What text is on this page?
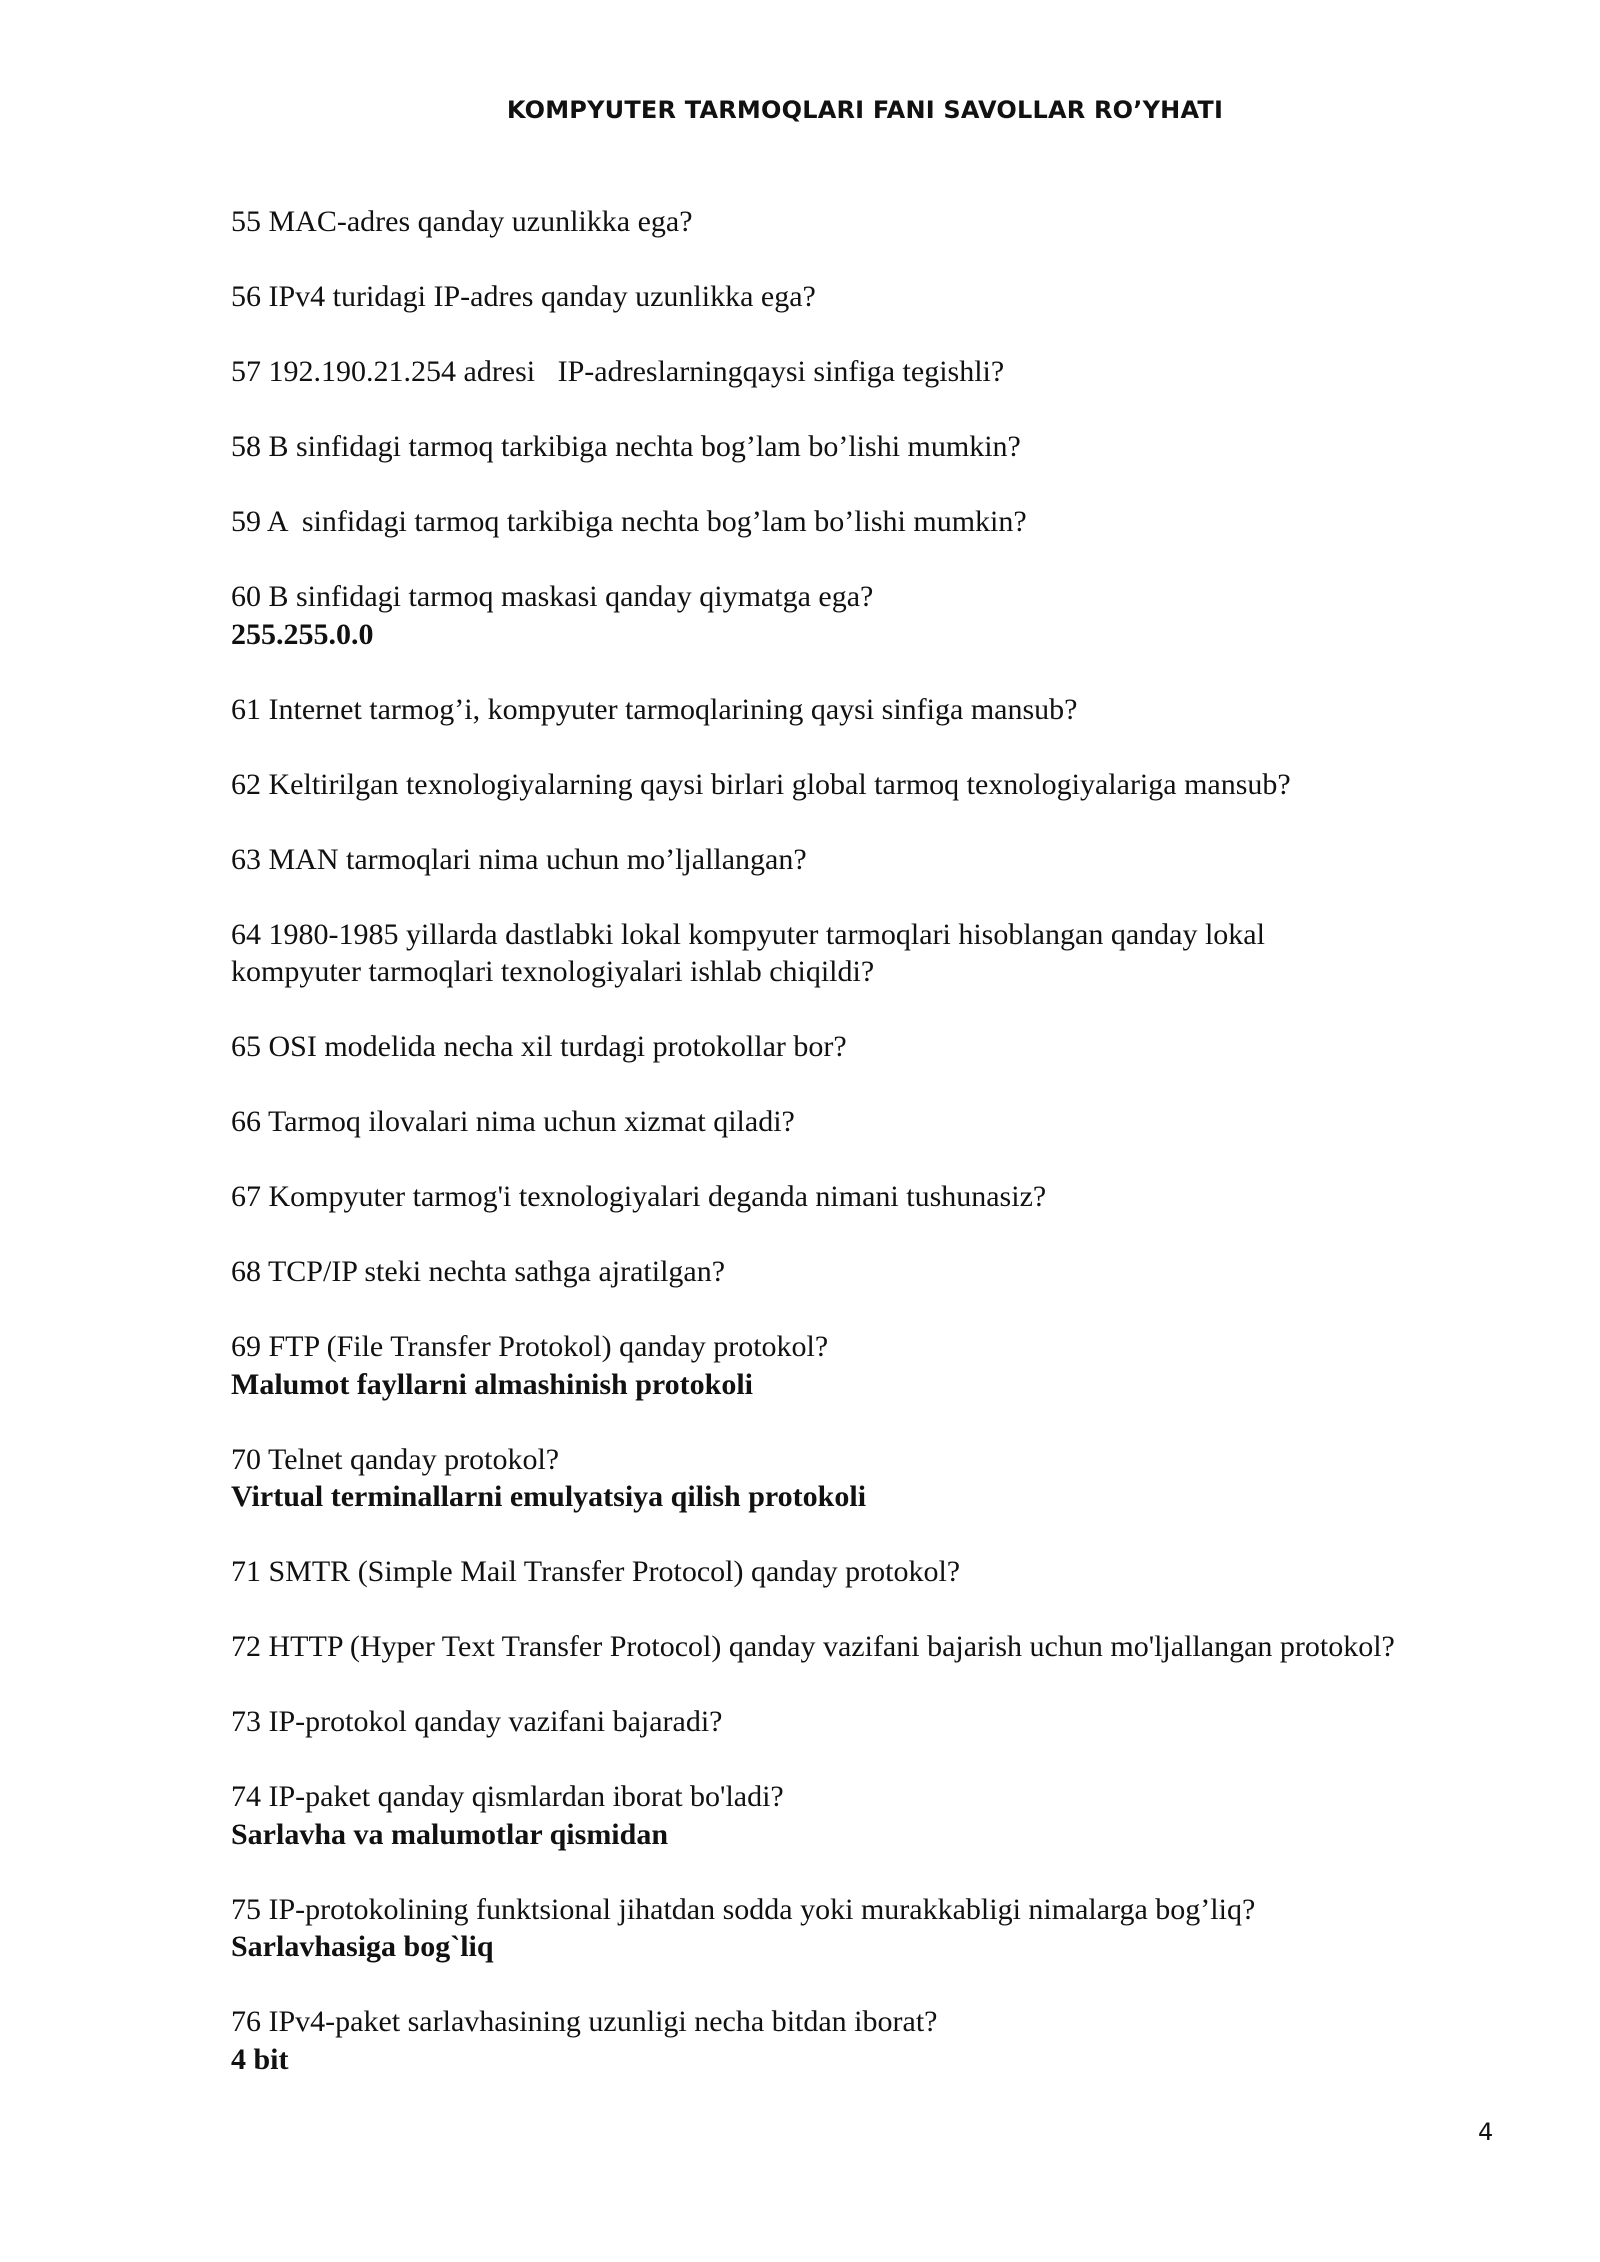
KOMPYUTER TARMOQLARI FANI SAVOLLAR RO’YHATI
55 MAC-adres qanday uzunlikka ega?
56 IPv4 turidagi IP-adres qanday uzunlikka ega?
57 192.190.21.254 adresi   IP-adreslarningqaysi sinfiga tegishli?
58 B sinfidagi tarmoq tarkibiga nechta bog’lam bo’lishi mumkin?
59 A  sinfidagi tarmoq tarkibiga nechta bog’lam bo’lishi mumkin?
60 B sinfidagi tarmoq maskasi qanday qiymatga ega?
255.255.0.0
61 Internet tarmog’i, kompyuter tarmoqlarining qaysi sinfiga mansub?
62 Keltirilgan texnologiyalarning qaysi birlari global tarmoq texnologiyalariga mansub?
63 MAN tarmoqlari nima uchun mo’ljallangan?
64 1980-1985 yillarda dastlabki lokal kompyuter tarmoqlari hisoblangan qanday lokal kompyuter tarmoqlari texnologiyalari ishlab chiqildi?
65 OSI modelida necha xil turdagi protokollar bor?
66 Tarmoq ilovalari nima uchun xizmat qiladi?
67 Kompyuter tarmog'i texnologiyalari deganda nimani tushunasiz?
68 TCP/IP steki nechta sathga ajratilgan?
69 FTP (File Transfer Protokol) qanday protokol?
Malumot fayllarni almashinish protokoli
70 Telnet qanday protokol?
Virtual terminallarni emulyatsiya qilish protokoli
71 SMTR (Simple Mail Transfer Protocol) qanday protokol?
72 HTTP (Hyper Text Transfer Protocol) qanday vazifani bajarish uchun mo'ljallangan protokol?
73 IP-protokol qanday vazifani bajaradi?
74 IP-paket qanday qismlardan iborat bo'ladi?
Sarlavha va malumotlar qismidan
75 IP-protokolining funktsional jihatdan sodda yoki murakkabligi nimalarga bog’liq?
Sarlavhasiga bog`liq
76 IPv4-paket sarlavhasining uzunligi necha bitdan iborat?
4 bit
4
